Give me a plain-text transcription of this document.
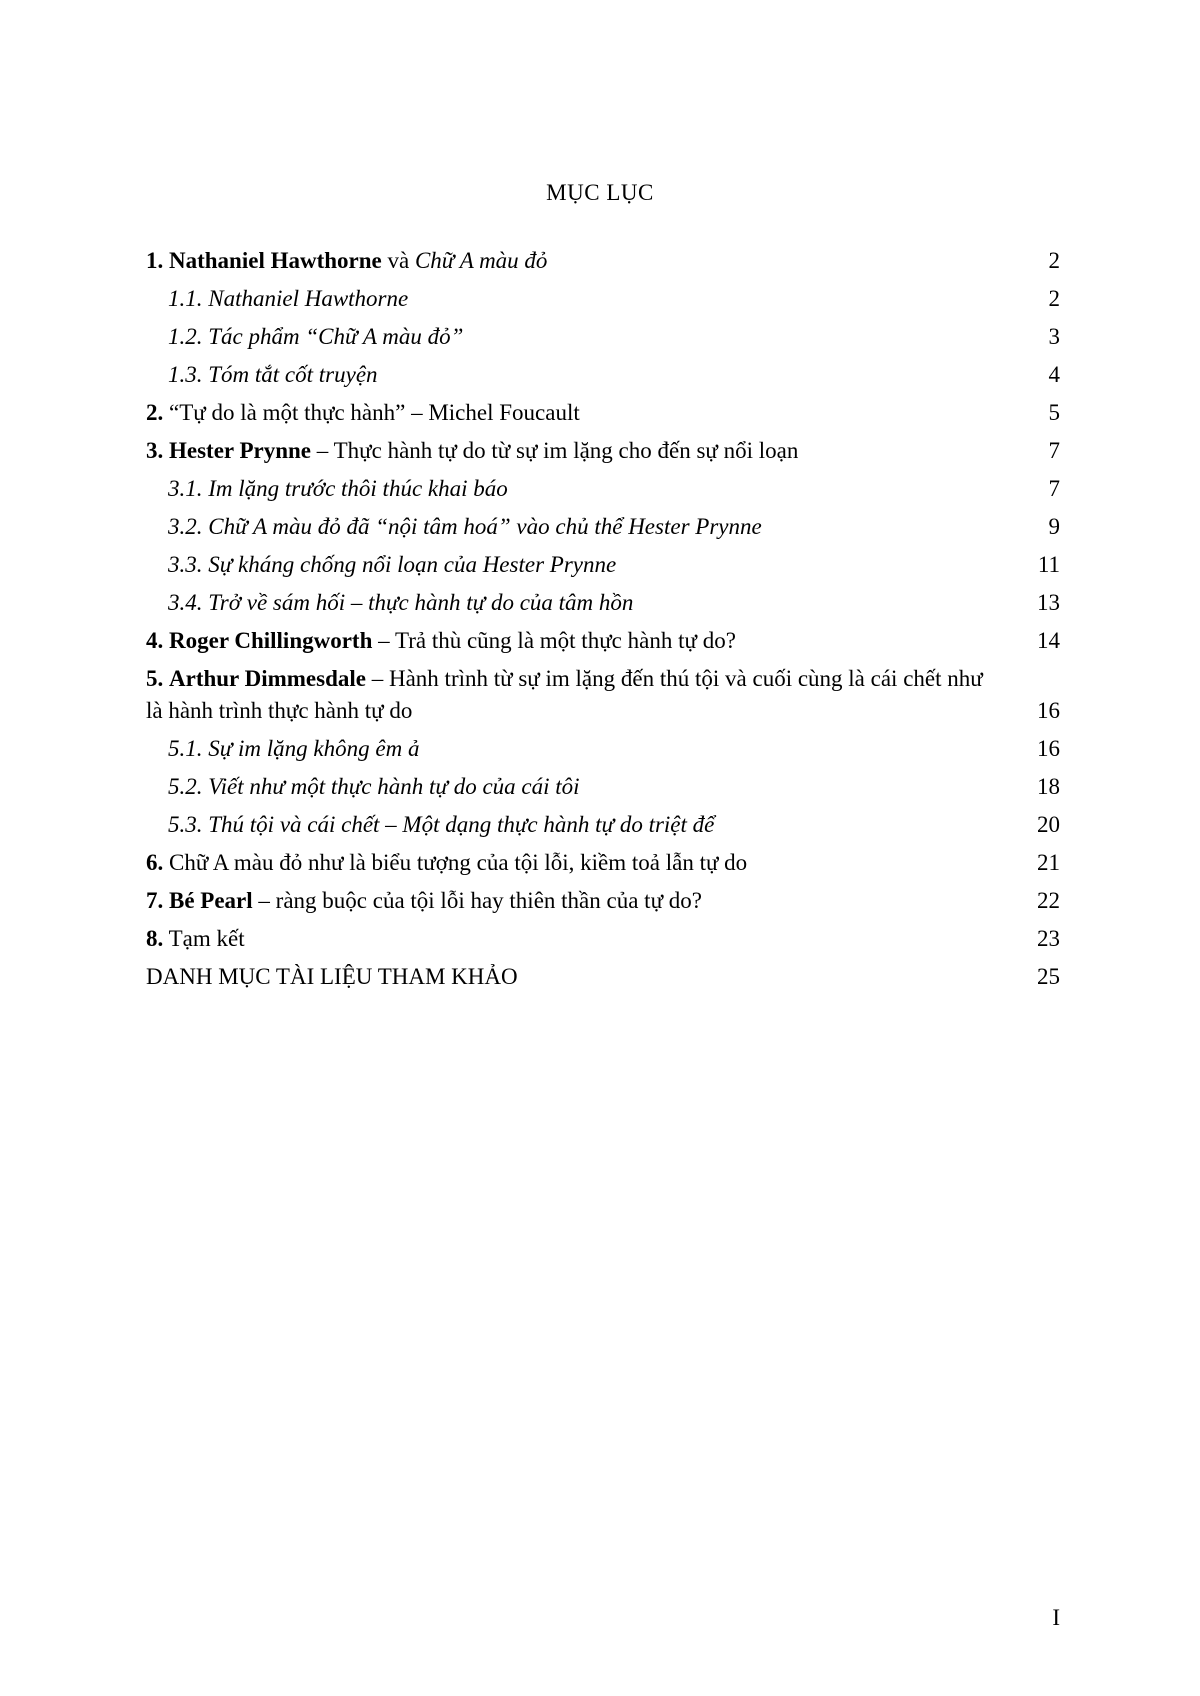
MỤC LỤC
1. Nathaniel Hawthorne và Chữ A màu đỏ	2
1.1. Nathaniel Hawthorne	2
1.2. Tác phẩm “Chữ A màu đỏ”	3
1.3. Tóm tắt cốt truyện	4
2. “Tự do là một thực hành” – Michel Foucault	5
3. Hester Prynne – Thực hành tự do từ sự im lặng cho đến sự nổi loạn	7
3.1. Im lặng trước thôi thúc khai báo	7
3.2. Chữ A màu đỏ đã “nội tâm hoá” vào chủ thể Hester Prynne	9
3.3. Sự kháng chống nổi loạn của Hester Prynne	11
3.4. Trở về sám hối – thực hành tự do của tâm hồn	13
4. Roger Chillingworth – Trả thù cũng là một thực hành tự do?	14
5. Arthur Dimmesdale – Hành trình từ sự im lặng đến thú tội và cuối cùng là cái chết như là hành trình thực hành tự do	16
5.1. Sự im lặng không êm ả	16
5.2. Viết như một thực hành tự do của cái tôi	18
5.3. Thú tội và cái chết – Một dạng thực hành tự do triệt để	20
6. Chữ A màu đỏ như là biểu tượng của tội lỗi, kiềm toả lẫn tự do	21
7. Bé Pearl – ràng buộc của tội lỗi hay thiên thần của tự do?	22
8. Tạm kết	23
DANH MỤC TÀI LIỆU THAM KHẢO	25
I
